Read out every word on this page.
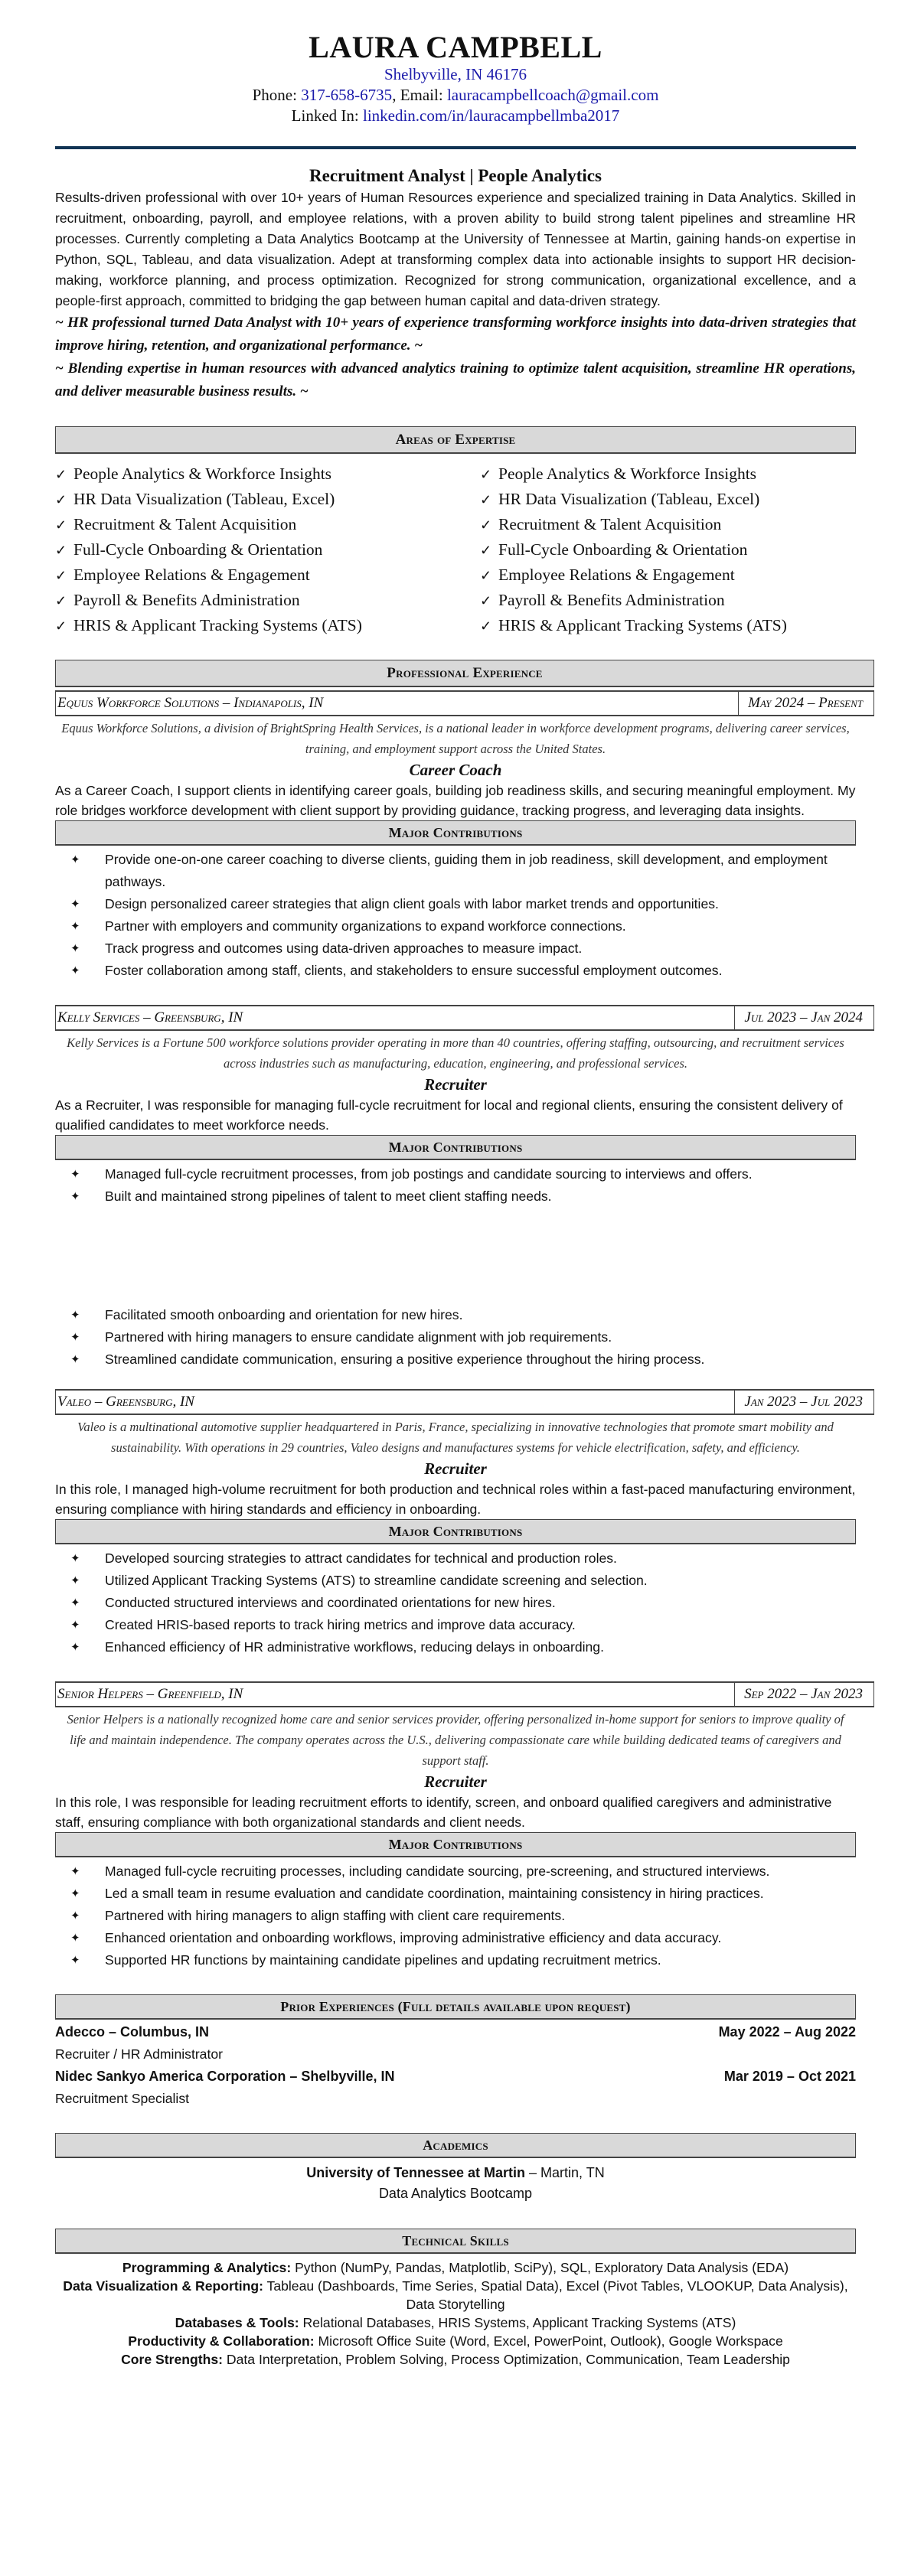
LAURA CAMPBELL
Shelbyville, IN 46176
Phone: 317-658-6735, Email: lauracampbellcoach@gmail.com
Linked In: linkedin.com/in/lauracampbellmba2017
Recruitment Analyst | People Analytics

Results-driven professional with over 10+ years of Human Resources experience and specialized training in Data Analytics. Skilled in recruitment, onboarding, payroll, and employee relations, with a proven ability to build strong talent pipelines and streamline HR processes. Currently completing a Data Analytics Bootcamp at the University of Tennessee at Martin, gaining hands-on expertise in Python, SQL, Tableau, and data visualization. Adept at transforming complex data into actionable insights to support HR decision-making, workforce planning, and process optimization. Recognized for strong communication, organizational excellence, and a people-first approach, committed to bridging the gap between human capital and data-driven strategy.

~ HR professional turned Data Analyst with 10+ years of experience transforming workforce insights into data-driven strategies that improve hiring, retention, and organizational performance. ~

~ Blending expertise in human resources with advanced analytics training to optimize talent acquisition, streamline HR operations, and deliver measurable business results. ~

Areas of Expertise
✓ People Analytics & Workforce Insights
✓ HR Data Visualization (Tableau, Excel)
✓ Recruitment & Talent Acquisition
✓ Full-Cycle Onboarding & Orientation
✓ Employee Relations & Engagement
✓ Payroll & Benefits Administration
✓ HRIS & Applicant Tracking Systems (ATS)
✓ People Analytics & Workforce Insights
✓ HR Data Visualization (Tableau, Excel)
✓ Recruitment & Talent Acquisition
✓ Full-Cycle Onboarding & Orientation
✓ Employee Relations & Engagement
✓ Payroll & Benefits Administration
✓ HRIS & Applicant Tracking Systems (ATS)
Professional Experience
Equus Workforce Solutions – Indianapolis, IN	May 2024 – Present
Equus Workforce Solutions, a division of BrightSpring Health Services, is a national leader in workforce development programs, delivering career services, training, and employment support across the United States.
Career Coach

As a Career Coach, I support clients in identifying career goals, building job readiness skills, and securing meaningful employment. My role bridges workforce development with client support by providing guidance, tracking progress, and leveraging data insights.

Major Contributions
✦	Provide one-on-one career coaching to diverse clients, guiding them in job readiness, skill development, and employment pathways.
✦	Design personalized career strategies that align client goals with labor market trends and opportunities.
✦	Partner with employers and community organizations to expand workforce connections.
✦	Track progress and outcomes using data-driven approaches to measure impact.
✦	Foster collaboration among staff, clients, and stakeholders to ensure successful employment outcomes.
Kelly Services – Greensburg, IN	Jul 2023 – Jan 2024
Kelly Services is a Fortune 500 workforce solutions provider operating in more than 40 countries, offering staffing, outsourcing, and recruitment services across industries such as manufacturing, education, engineering, and professional services.
Recruiter

As a Recruiter, I was responsible for managing full-cycle recruitment for local and regional clients, ensuring the consistent delivery of qualified candidates to meet workforce needs.

Major Contributions
✦	Managed full-cycle recruitment processes, from job postings and candidate sourcing to interviews and offers.
✦	Built and maintained strong pipelines of talent to meet client staffing needs.
✦	Facilitated smooth onboarding and orientation for new hires.
✦	Partnered with hiring managers to ensure candidate alignment with job requirements.
✦	Streamlined candidate communication, ensuring a positive experience throughout the hiring process.
Valeo – Greensburg, IN	Jan 2023 – Jul 2023
Valeo is a multinational automotive supplier headquartered in Paris, France, specializing in innovative technologies that promote smart mobility and sustainability. With operations in 29 countries, Valeo designs and manufactures systems for vehicle electrification, safety, and efficiency.
Recruiter

In this role, I managed high-volume recruitment for both production and technical roles within a fast-paced manufacturing environment, ensuring compliance with hiring standards and efficiency in onboarding.

Major Contributions
✦	Developed sourcing strategies to attract candidates for technical and production roles.
✦	Utilized Applicant Tracking Systems (ATS) to streamline candidate screening and selection.
✦	Conducted structured interviews and coordinated orientations for new hires.
✦	Created HRIS-based reports to track hiring metrics and improve data accuracy.
✦	Enhanced efficiency of HR administrative workflows, reducing delays in onboarding.
Senior Helpers – Greenfield, IN	Sep 2022 – Jan 2023
Senior Helpers is a nationally recognized home care and senior services provider, offering personalized in-home support for seniors to improve quality of life and maintain independence. The company operates across the U.S., delivering compassionate care while building dedicated teams of caregivers and support staff.
Recruiter

In this role, I was responsible for leading recruitment efforts to identify, screen, and onboard qualified caregivers and administrative staff, ensuring compliance with both organizational standards and client needs.

Major Contributions
✦	Managed full-cycle recruiting processes, including candidate sourcing, pre-screening, and structured interviews.
✦	Led a small team in resume evaluation and candidate coordination, maintaining consistency in hiring practices.
✦	Partnered with hiring managers to align staffing with client care requirements.
✦	Enhanced orientation and onboarding workflows, improving administrative efficiency and data accuracy.
✦	Supported HR functions by maintaining candidate pipelines and updating recruitment metrics.
Prior Experiences (Full details available upon request)
Adecco – Columbus, IN	May 2022 – Aug 2022
Recruiter / HR Administrator
Nidec Sankyo America Corporation – Shelbyville, IN	Mar 2019 – Oct 2021
Recruitment Specialist
Academics
University of Tennessee at Martin – Martin, TN
Data Analytics Bootcamp
Technical Skills
Programming & Analytics: Python (NumPy, Pandas, Matplotlib, SciPy), SQL, Exploratory Data Analysis (EDA)
Data Visualization & Reporting: Tableau (Dashboards, Time Series, Spatial Data), Excel (Pivot Tables, VLOOKUP, Data Analysis), Data Storytelling
Databases & Tools: Relational Databases, HRIS Systems, Applicant Tracking Systems (ATS)
Productivity & Collaboration: Microsoft Office Suite (Word, Excel, PowerPoint, Outlook), Google Workspace
Core Strengths: Data Interpretation, Problem Solving, Process Optimization, Communication, Team Leadership
